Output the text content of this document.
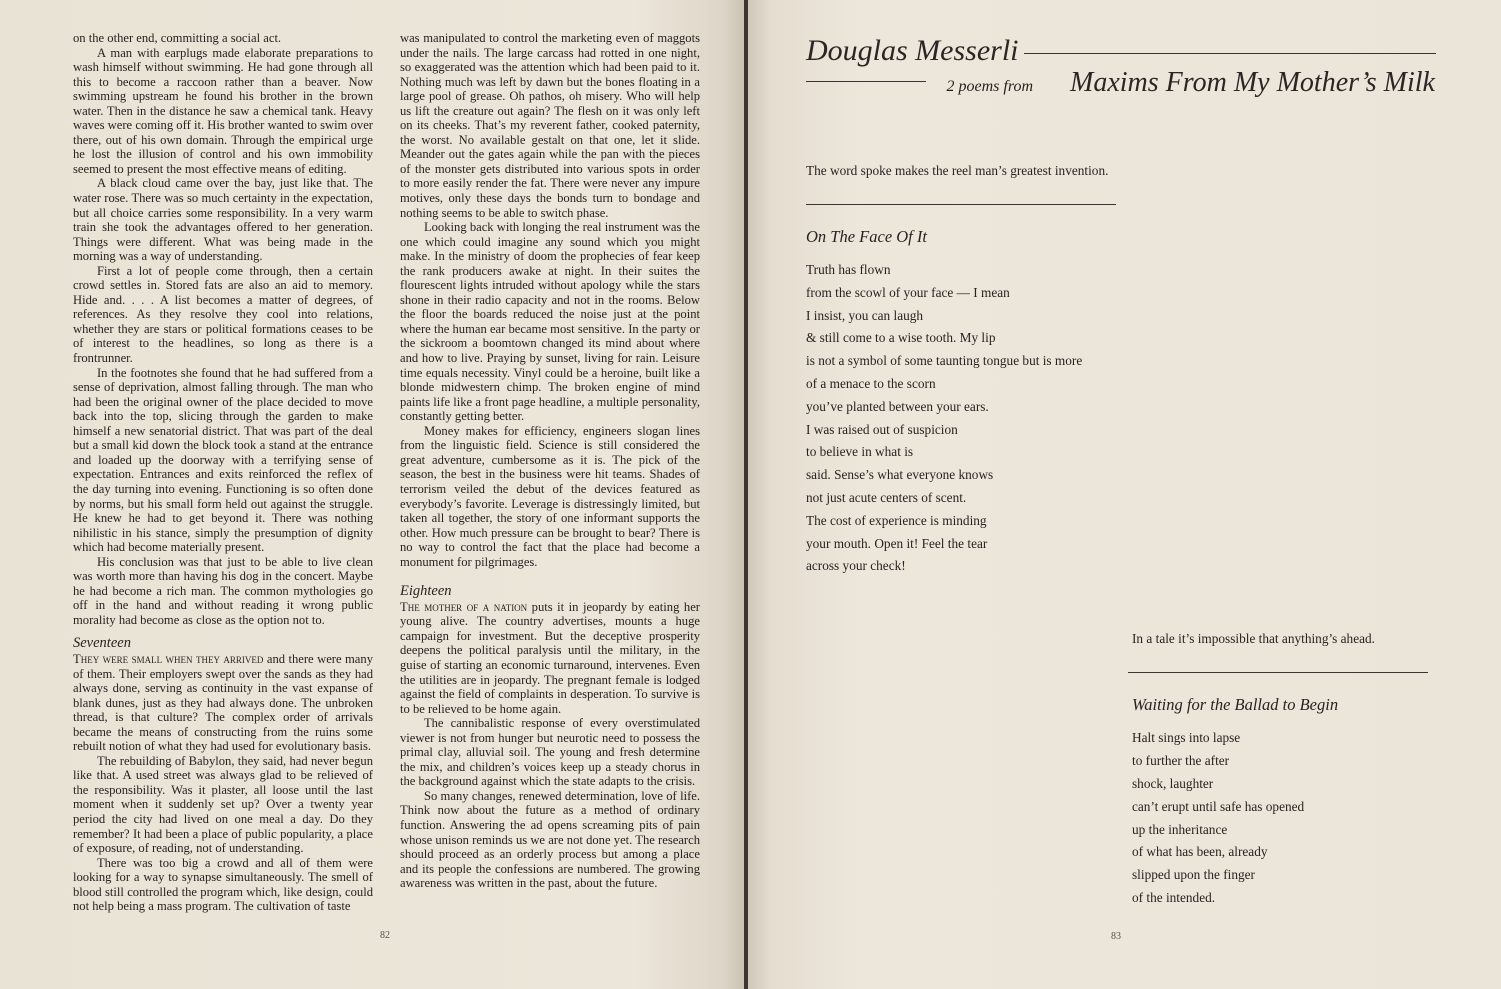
on the other end, committing a social act.

A man with earplugs made elaborate preparations to wash himself without swimming. He had gone through all this to become a raccoon rather than a beaver. Now swimming upstream he found his brother in the brown water. Then in the distance he saw a chemical tank. Heavy waves were coming off it. His brother wanted to swim over there, out of his own domain. Through the empirical urge he lost the illusion of control and his own immobility seemed to present the most effective means of editing.

A black cloud came over the bay, just like that. The water rose. There was so much certainty in the expectation, but all choice carries some responsibility. In a very warm train she took the advantages offered to her generation. Things were different. What was being made in the morning was a way of understanding.

First a lot of people come through, then a certain crowd settles in. Stored fats are also an aid to memory. Hide and. . . . A list becomes a matter of degrees, of references. As they resolve they cool into relations, whether they are stars or political formations ceases to be of interest to the headlines, so long as there is a frontrunner.

In the footnotes she found that he had suffered from a sense of deprivation, almost falling through. The man who had been the original owner of the place decided to move back into the top, slicing through the garden to make himself a new senatorial district. That was part of the deal but a small kid down the block took a stand at the entrance and loaded up the doorway with a terrifying sense of expectation. Entrances and exits reinforced the reflex of the day turning into evening. Functioning is so often done by norms, but his small form held out against the struggle. He knew he had to get beyond it. There was nothing nihilistic in his stance, simply the presumption of dignity which had become materially present.

His conclusion was that just to be able to live clean was worth more than having his dog in the concert. Maybe he had become a rich man. The common mythologies go off in the hand and without reading it wrong public morality had become as close as the option not to.

Seventeen

They were small when they arrived and there were many of them. Their employers swept over the sands as they had always done, serving as continuity in the vast expanse of blank dunes, just as they had always done. The unbroken thread, is that culture? The complex order of arrivals became the means of constructing from the ruins some rebuilt notion of what they had used for evolutionary basis.

The rebuilding of Babylon, they said, had never begun like that. A used street was always glad to be relieved of the responsibility. Was it plaster, all loose until the last moment when it suddenly set up? Over a twenty year period the city had lived on one meal a day. Do they remember? It had been a place of public popularity, a place of exposure, of reading, not of understanding.

There was too big a crowd and all of them were looking for a way to synapse simultaneously. The smell of blood still controlled the program which, like design, could not help being a mass program. The cultivation of taste

was manipulated to control the marketing even of maggots under the nails. The large carcass had rotted in one night, so exaggerated was the attention which had been paid to it. Nothing much was left by dawn but the bones floating in a large pool of grease. Oh pathos, oh misery. Who will help us lift the creature out again? The flesh on it was only left on its cheeks. That’s my reverent father, cooked paternity, the worst. No available gestalt on that one, let it slide. Meander out the gates again while the pan with the pieces of the monster gets distributed into various spots in order to more easily render the fat. There were never any impure motives, only these days the bonds turn to bondage and nothing seems to be able to switch phase.

Looking back with longing the real instrument was the one which could imagine any sound which you might make. In the ministry of doom the prophecies of fear keep the rank producers awake at night. In their suites the flourescent lights intruded without apology while the stars shone in their radio capacity and not in the rooms. Below the floor the boards reduced the noise just at the point where the human ear became most sensitive. In the party or the sickroom a boomtown changed its mind about where and how to live. Praying by sunset, living for rain. Leisure time equals necessity. Vinyl could be a heroine, built like a blonde midwestern chimp. The broken engine of mind paints life like a front page headline, a multiple personality, constantly getting better.

Money makes for efficiency, engineers slogan lines from the linguistic field. Science is still considered the great adventure, cumbersome as it is. The pick of the season, the best in the business were hit teams. Shades of terrorism veiled the debut of the devices featured as everybody’s favorite. Leverage is distressingly limited, but taken all together, the story of one informant supports the other. How much pressure can be brought to bear? There is no way to control the fact that the place had become a monument for pilgrimages.

Eighteen

The mother of a nation puts it in jeopardy by eating her young alive. The country advertises, mounts a huge campaign for investment. But the deceptive prosperity deepens the political paralysis until the military, in the guise of starting an economic turnaround, intervenes. Even the utilities are in jeopardy. The pregnant female is lodged against the field of complaints in desperation. To survive is to be relieved to be home again.

The cannibalistic response of every overstimulated viewer is not from hunger but neurotic need to possess the primal clay, alluvial soil. The young and fresh determine the mix, and children’s voices keep up a steady chorus in the background against which the state adapts to the crisis.

So many changes, renewed determination, love of life. Think now about the future as a method of ordinary function. Answering the ad opens screaming pits of pain whose unison reminds us we are not done yet. The research should proceed as an orderly process but among a place and its people the confessions are numbered. The growing awareness was written in the past, about the future.

82
Douglas Messerli
2 poems from Maxims From My Mother’s Milk
The word spoke makes the reel man’s greatest invention.
On The Face Of It
Truth has flown
from the scowl of your face — I mean
I insist, you can laugh
& still come to a wise tooth. My lip
is not a symbol of some taunting tongue but is more
of a menace to the scorn
you’ve planted between your ears.
I was raised out of suspicion
to believe in what is
said. Sense’s what everyone knows
not just acute centers of scent.
The cost of experience is minding
your mouth. Open it! Feel the tear
across your check!
In a tale it’s impossible that anything’s ahead.
Waiting for the Ballad to Begin
Halt sings into lapse
to further the after
shock, laughter
can’t erupt until safe has opened
up the inheritance
of what has been, already
slipped upon the finger
of the intended.
83
